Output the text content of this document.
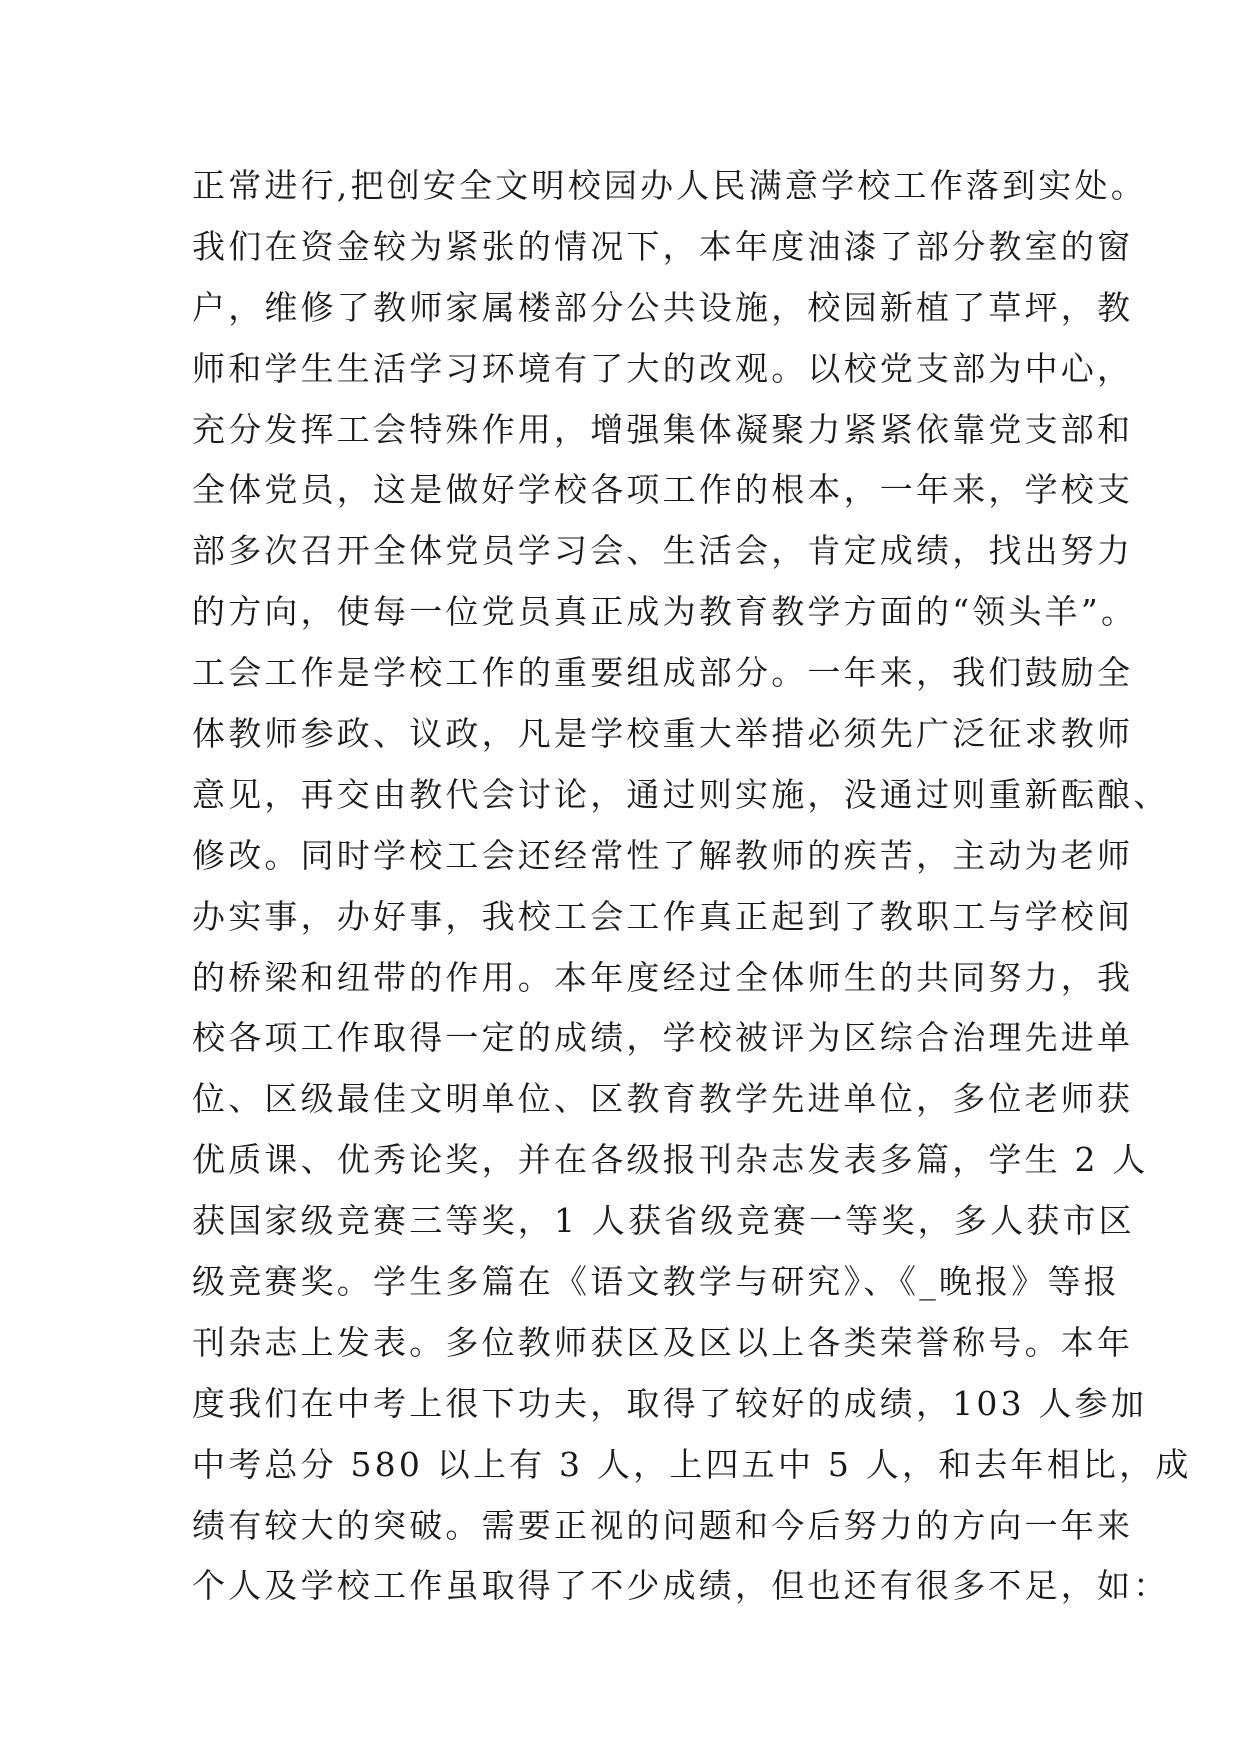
正常进行,把创安全文明校园办人民满意学校工作落到实处。
我们在资金较为紧张的情况下，本年度油漆了部分教室的窗
户，维修了教师家属楼部分公共设施，校园新植了草坪，教
师和学生生活学习环境有了大的改观。以校党支部为中心，
充分发挥工会特殊作用，增强集体凝聚力紧紧依靠党支部和
全体党员，这是做好学校各项工作的根本，一年来，学校支
部多次召开全体党员学习会、生活会，肯定成绩，找出努力
的方向，使每一位党员真正成为教育教学方面的“领头羊”。
工会工作是学校工作的重要组成部分。一年来，我们鼓励全
体教师参政、议政，凡是学校重大举措必须先广泛征求教师
意见，再交由教代会讨论，通过则实施，没通过则重新酝酿、
修改。同时学校工会还经常性了解教师的疾苦，主动为老师
办实事，办好事，我校工会工作真正起到了教职工与学校间
的桥梁和纽带的作用。本年度经过全体师生的共同努力，我
校各项工作取得一定的成绩，学校被评为区综合治理先进单
位、区级最佳文明单位、区教育教学先进单位，多位老师获
优质课、优秀论奖，并在各级报刊杂志发表多篇，学生 2 人
获国家级竞赛三等奖，1 人获省级竞赛一等奖，多人获市区
级竞赛奖。学生多篇在《语文教学与研究》、《_晚报》等报
刊杂志上发表。多位教师获区及区以上各类荣誉称号。本年
度我们在中考上很下功夫，取得了较好的成绩，103 人参加
中考总分 580 以上有 3 人，上四五中 5 人，和去年相比，成
绩有较大的突破。需要正视的问题和今后努力的方向一年来
个人及学校工作虽取得了不少成绩，但也还有很多不足，如：
